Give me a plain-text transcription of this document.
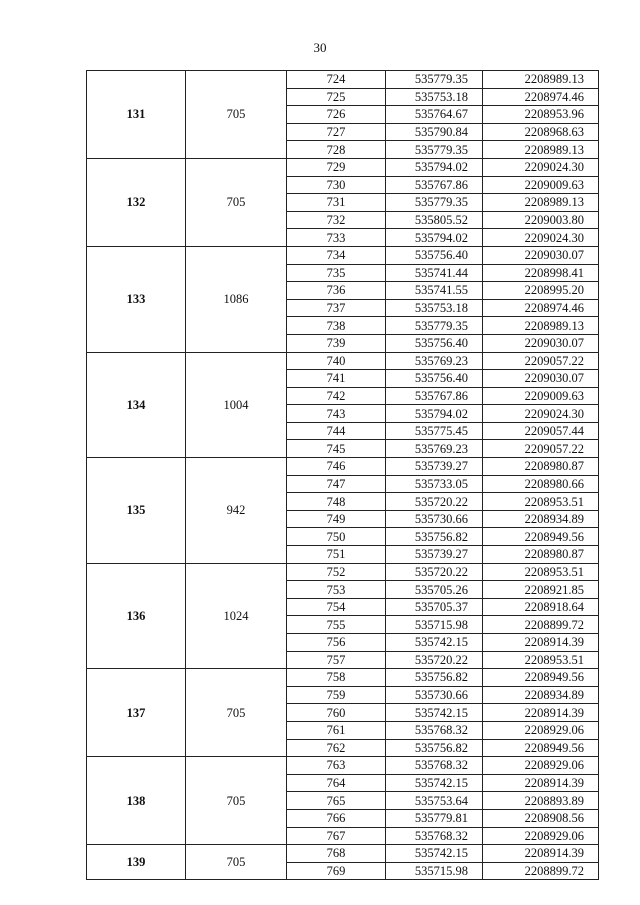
30
131	705	724	535779.35	2208989.13
		725	535753.18	2208974.46
		726	535764.67	2208953.96
		727	535790.84	2208968.63
		728	535779.35	2208989.13
132	705	729	535794.02	2209024.30
		730	535767.86	2209009.63
		731	535779.35	2208989.13
		732	535805.52	2209003.80
		733	535794.02	2209024.30
133	1086	734	535756.40	2209030.07
		735	535741.44	2208998.41
		736	535741.55	2208995.20
		737	535753.18	2208974.46
		738	535779.35	2208989.13
		739	535756.40	2209030.07
134	1004	740	535769.23	2209057.22
		741	535756.40	2209030.07
		742	535767.86	2209009.63
		743	535794.02	2209024.30
		744	535775.45	2209057.44
		745	535769.23	2209057.22
135	942	746	535739.27	2208980.87
		747	535733.05	2208980.66
		748	535720.22	2208953.51
		749	535730.66	2208934.89
		750	535756.82	2208949.56
		751	535739.27	2208980.87
136	1024	752	535720.22	2208953.51
		753	535705.26	2208921.85
		754	535705.37	2208918.64
		755	535715.98	2208899.72
		756	535742.15	2208914.39
		757	535720.22	2208953.51
137	705	758	535756.82	2208949.56
		759	535730.66	2208934.89
		760	535742.15	2208914.39
		761	535768.32	2208929.06
		762	535756.82	2208949.56
138	705	763	535768.32	2208929.06
		764	535742.15	2208914.39
		765	535753.64	2208893.89
		766	535779.81	2208908.56
		767	535768.32	2208929.06
139	705	768	535742.15	2208914.39
		769	535715.98	2208899.72
